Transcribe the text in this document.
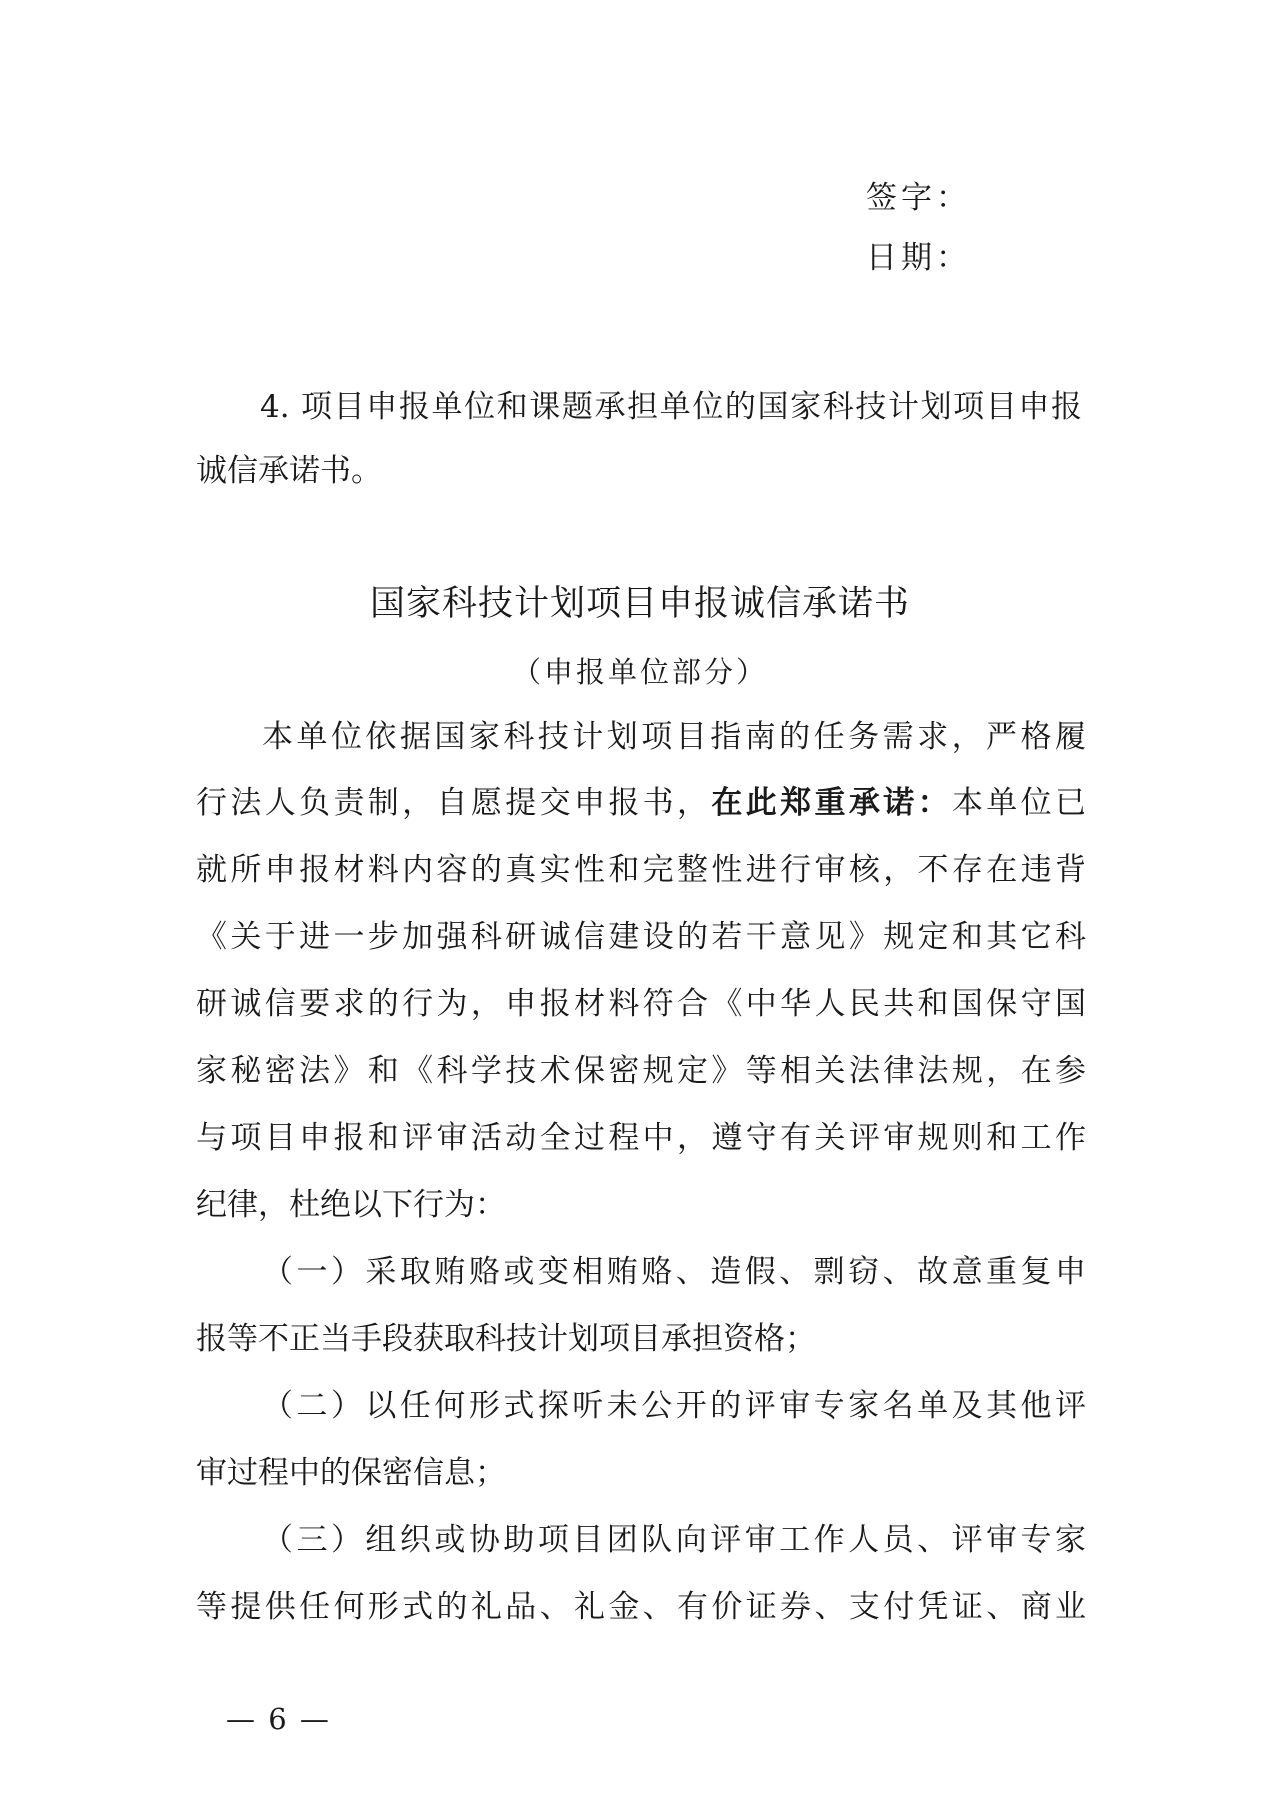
签字：
日期：
4. 项目申报单位和课题承担单位的国家科技计划项目申报
诚信承诺书。
国家科技计划项目申报诚信承诺书
（申报单位部分）
本单位依据国家科技计划项目指南的任务需求，严格履
行法人负责制，自愿提交申报书，在此郑重承诺：本单位已
就所申报材料内容的真实性和完整性进行审核，不存在违背
《关于进一步加强科研诚信建设的若干意见》规定和其它科
研诚信要求的行为，申报材料符合《中华人民共和国保守国
家秘密法》和《科学技术保密规定》等相关法律法规，在参
与项目申报和评审活动全过程中，遵守有关评审规则和工作
纪律，杜绝以下行为：
（一）采取贿赂或变相贿赂、造假、剽窃、故意重复申
报等不正当手段获取科技计划项目承担资格；
（二）以任何形式探听未公开的评审专家名单及其他评
审过程中的保密信息；
（三）组织或协助项目团队向评审工作人员、评审专家
等提供任何形式的礼品、礼金、有价证券、支付凭证、商业
— 6 —
